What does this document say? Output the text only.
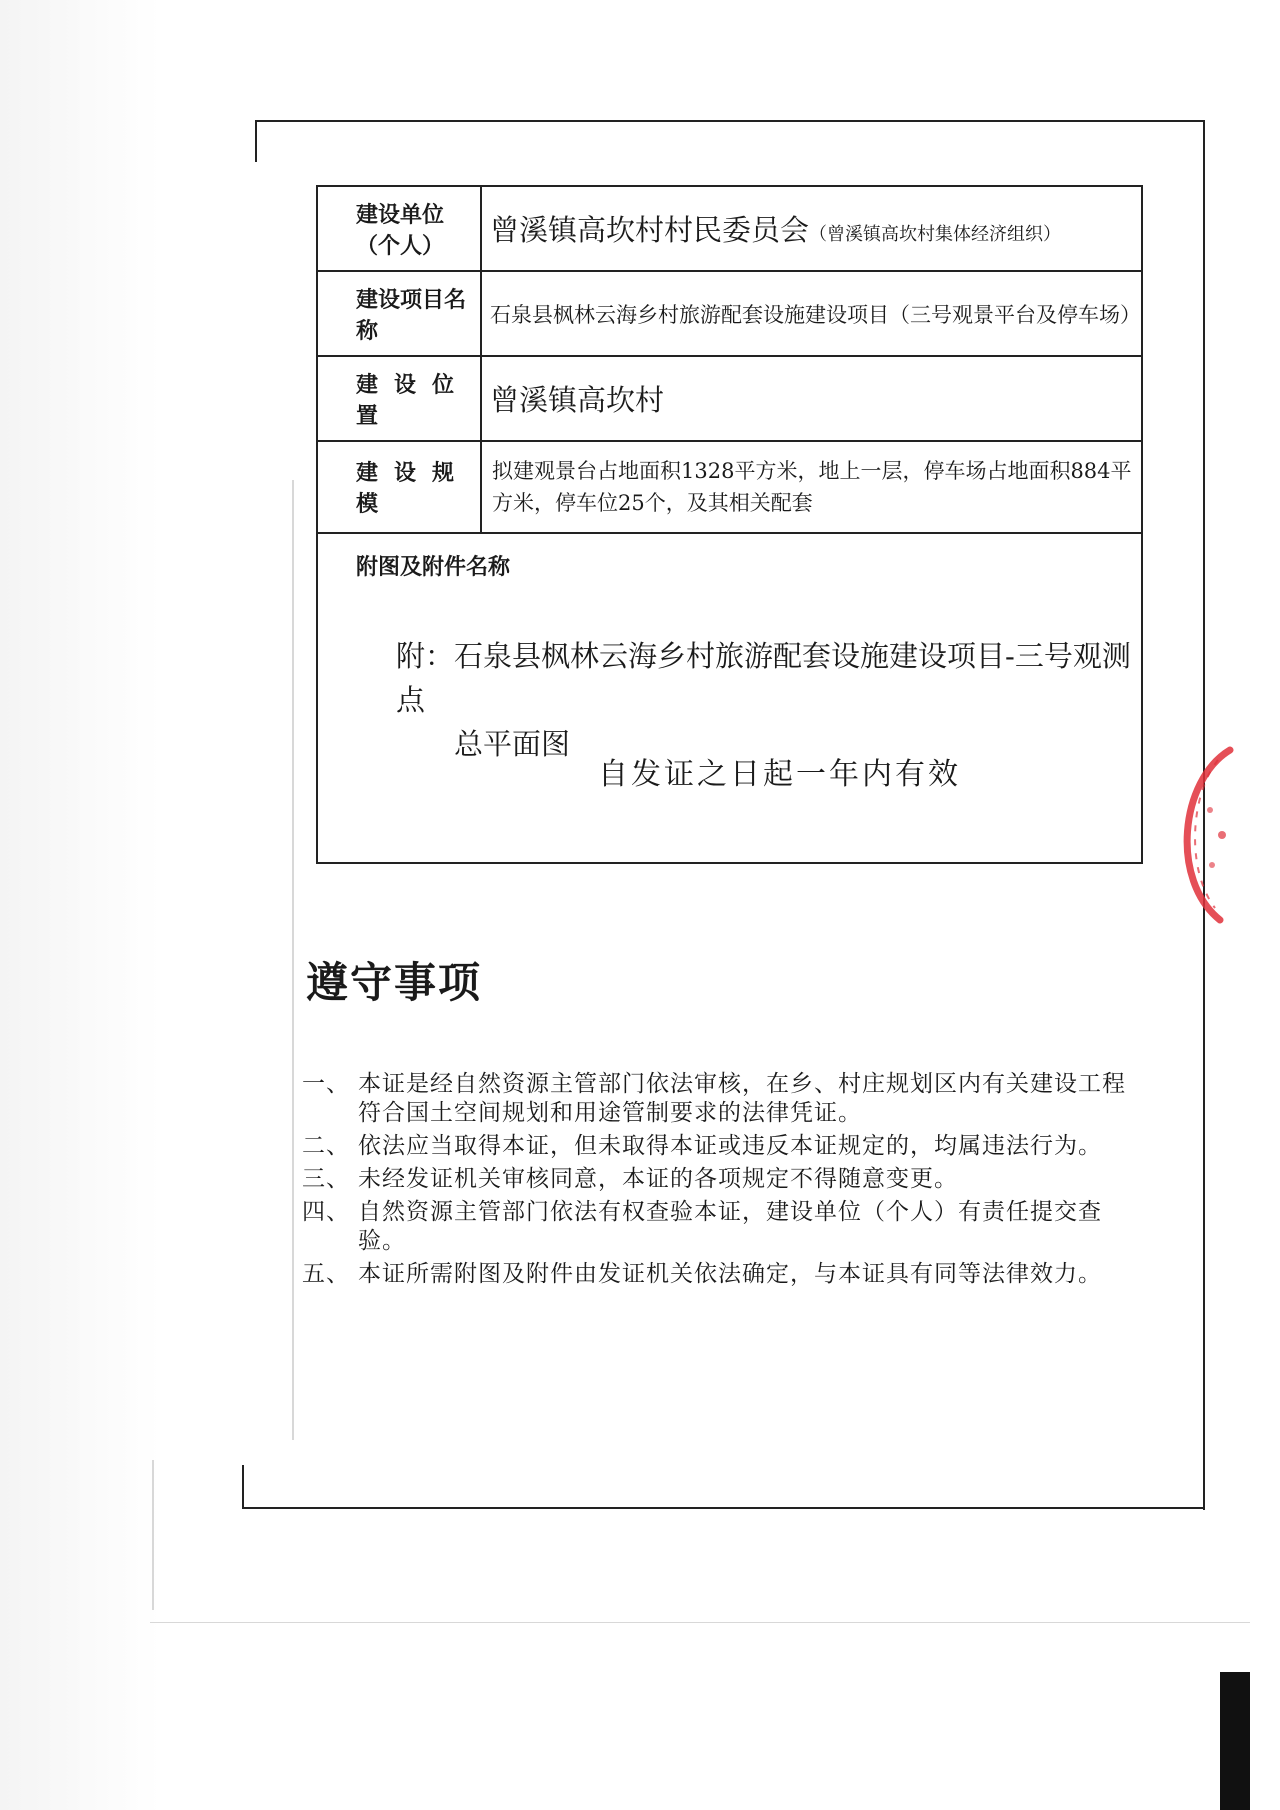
建设单位（个人）	曾溪镇高坎村村民委员会（曾溪镇高坎村集体经济组织）
建设项目名称	石泉县枫林云海乡村旅游配套设施建设项目（三号观景平台及停车场）
建设位置	曾溪镇高坎村
建设规模	拟建观景台占地面积1328平方米，地上一层，停车场占地面积884平方米，停车位25个，及其相关配套

附图及附件名称
附：石泉县枫林云海乡村旅游配套设施建设项目-三号观测点
总平面图
自发证之日起一年内有效	
遵守事项
一、 本证是经自然资源主管部门依法审核，在乡、村庄规划区内有关建设工程符合国土空间规划和用途管制要求的法律凭证。
二、 依法应当取得本证，但未取得本证或违反本证规定的，均属违法行为。
三、 未经发证机关审核同意，本证的各项规定不得随意变更。
四、 自然资源主管部门依法有权查验本证，建设单位（个人）有责任提交查验。
五、 本证所需附图及附件由发证机关依法确定，与本证具有同等法律效力。
